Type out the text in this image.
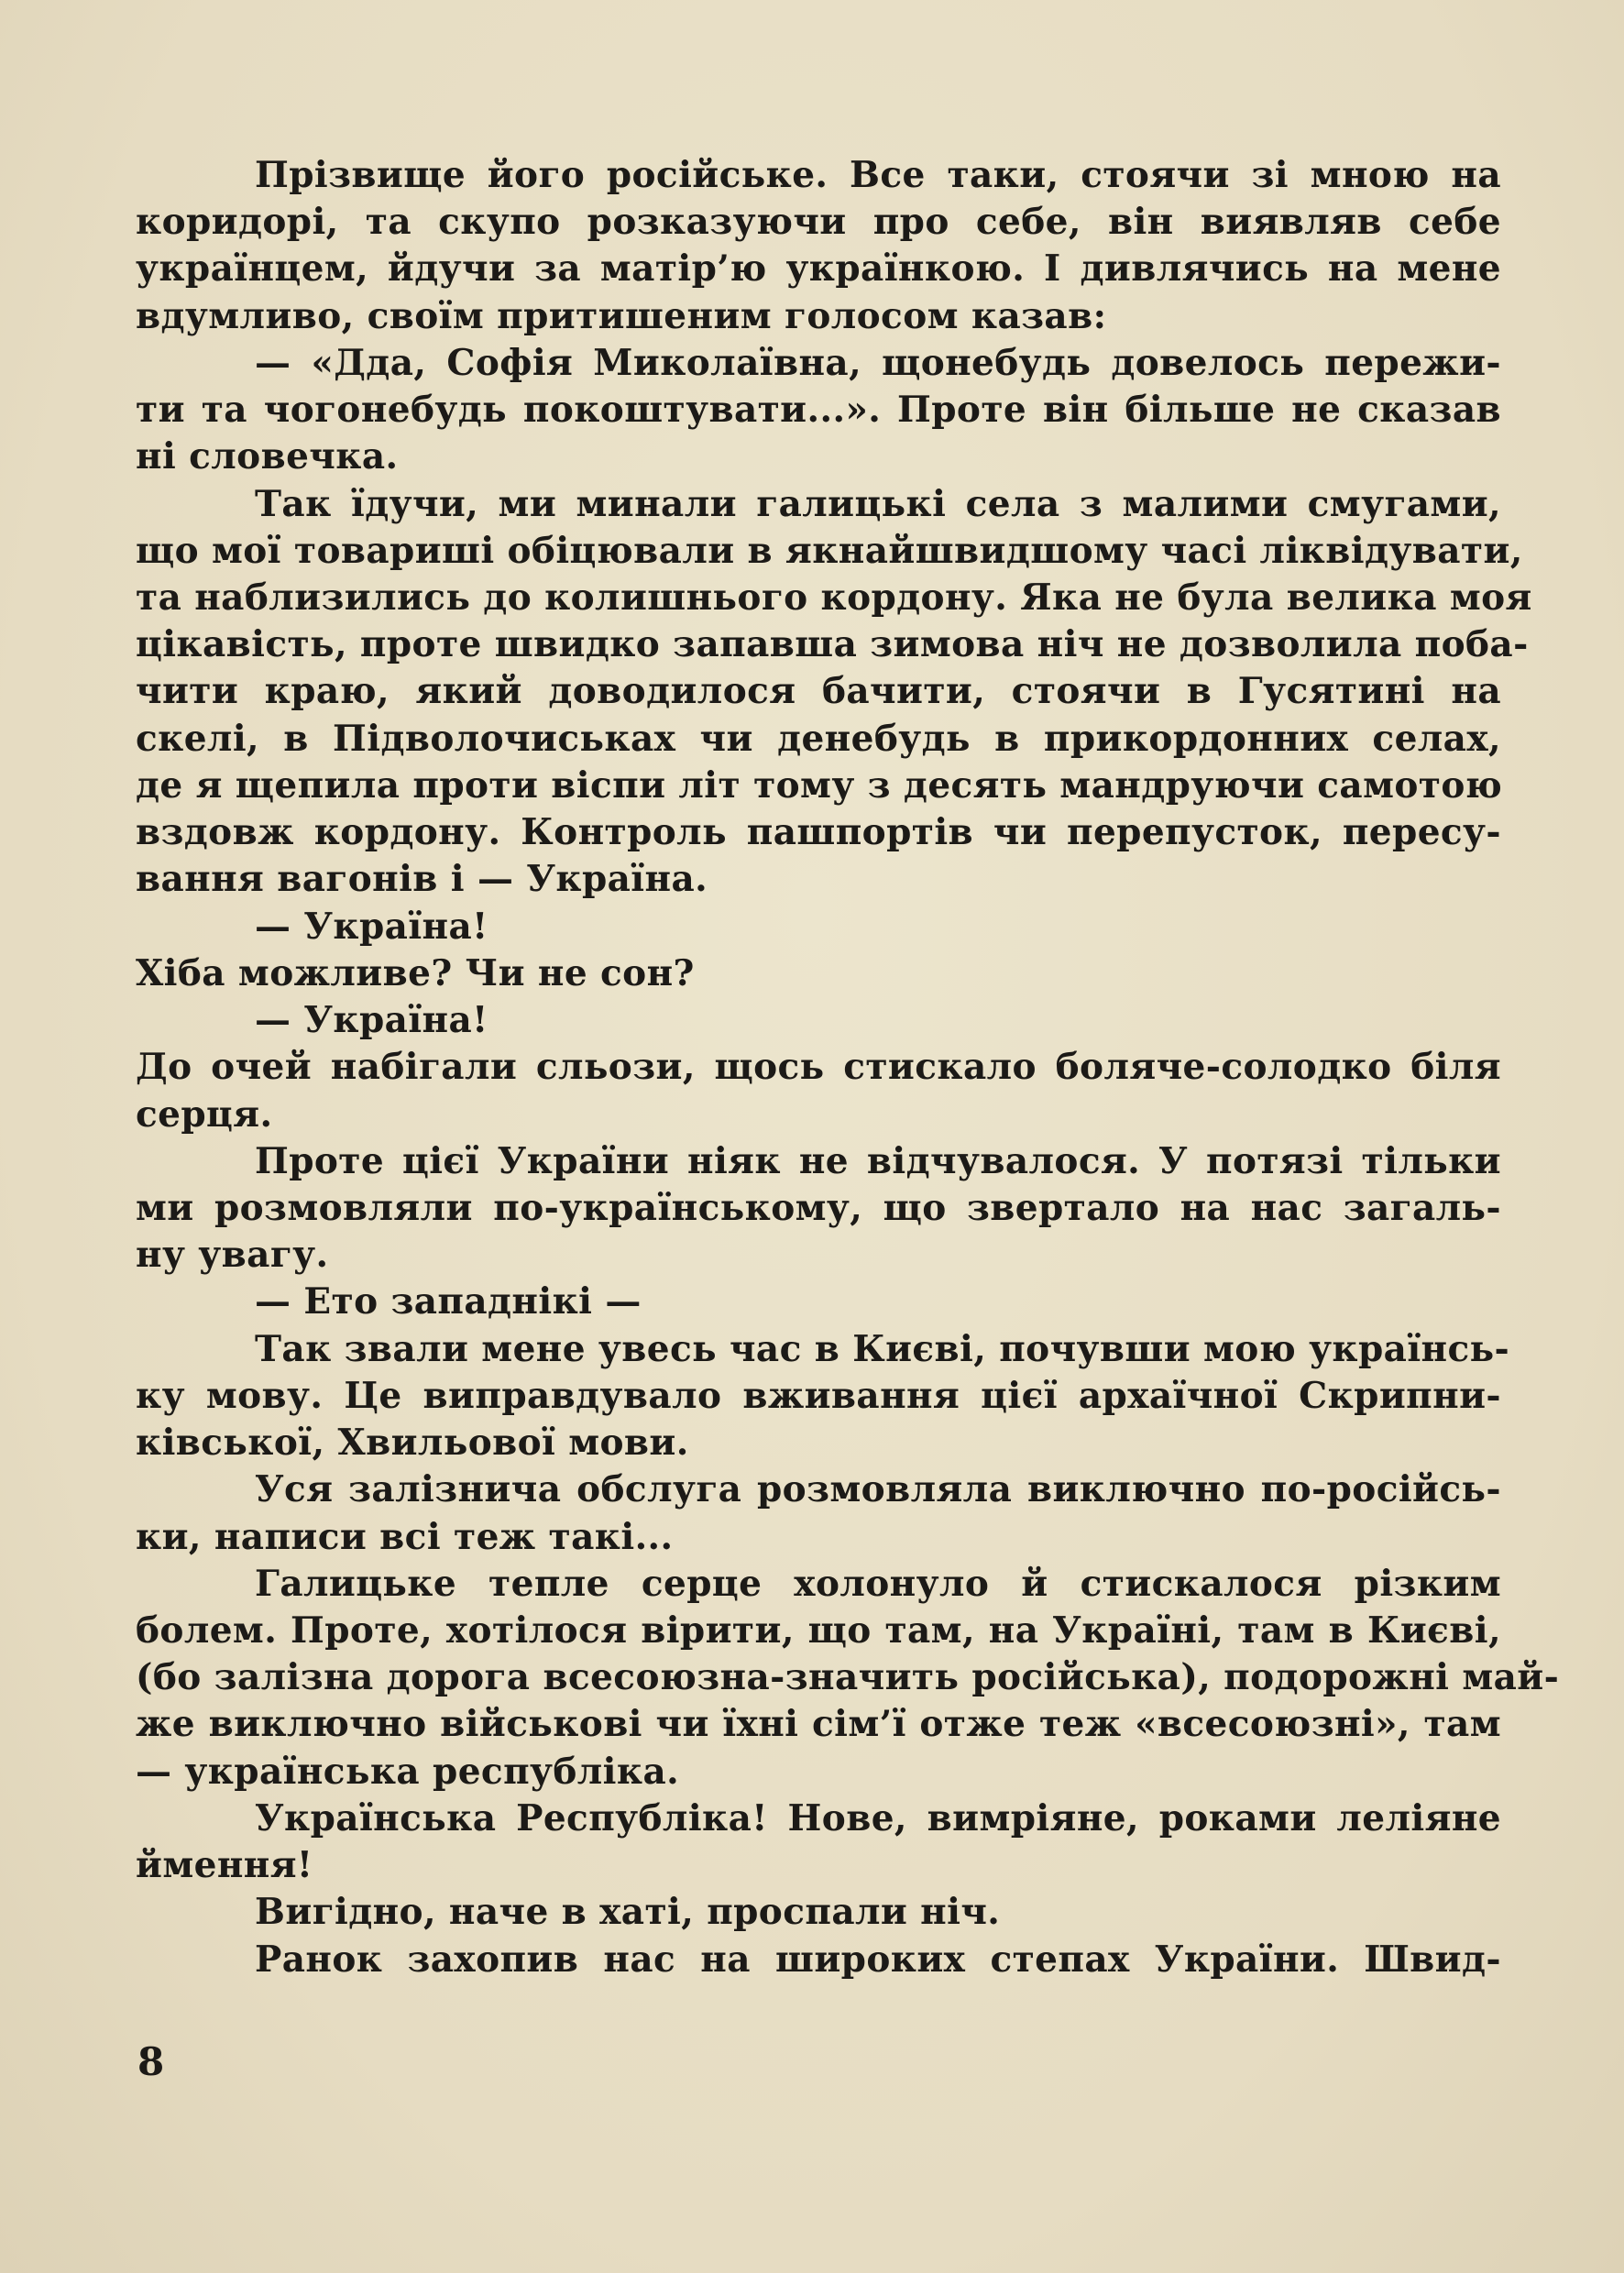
Прізвище його російське. Все таки, стоячи зі мною на
коридорі, та скупо розказуючи про себе, він виявляв себе
українцем, йдучи за матір’ю українкою. І дивлячись на мене
вдумливо, своїм притишеним голосом казав:
— «Дда, Софія Миколаївна, щонебудь довелось пережи-
ти та чогонебудь покоштувати...». Проте він більше не сказав
ні словечка.
Так їдучи, ми минали галицькі села з малими смугами,
що мої товариші обіцювали в якнайшвидшому часі ліквідувати,
та наблизились до колишнього кордону. Яка не була велика моя
цікавість, проте швидко запавша зимова ніч не дозволила поба-
чити краю, який доводилося бачити, стоячи в Гусятині на
скелі, в Підволочиськах чи денебудь в прикордонних селах,
де я щепила проти віспи літ тому з десять мандруючи самотою
вздовж кордону. Контроль пашпортів чи перепусток, пересу-
вання вагонів і — Україна.
— Україна!
Хіба можливе? Чи не сон?
— Україна!
До очей набігали сльози, щось стискало боляче-солодко біля
серця.
Проте цієї України ніяк не відчувалося. У потязі тільки
ми розмовляли по-українському, що звертало на нас загаль-
ну увагу.
— Ето западнікі —
Так звали мене увесь час в Києві, почувши мою українсь-
ку мову. Це виправдувало вживання цієї архаїчної Скрипни-
ківської, Хвильової мови.
Уся залізнича обслуга розмовляла виключно по-російсь-
ки, написи всі теж такі...
Галицьке тепле серце холонуло й стискалося різким
болем. Проте, хотілося вірити, що там, на Україні, там в Києві,
(бо залізна дорога всесоюзна-значить російська), подорожні май-
же виключно військові чи їхні сім’ї отже теж «всесоюзні», там
— українська республіка.
Українська Республіка! Нове, вимріяне, роками леліяне
ймення!
Вигідно, наче в хаті, проспали ніч.
Ранок захопив нас на широких степах України. Швид-
8
